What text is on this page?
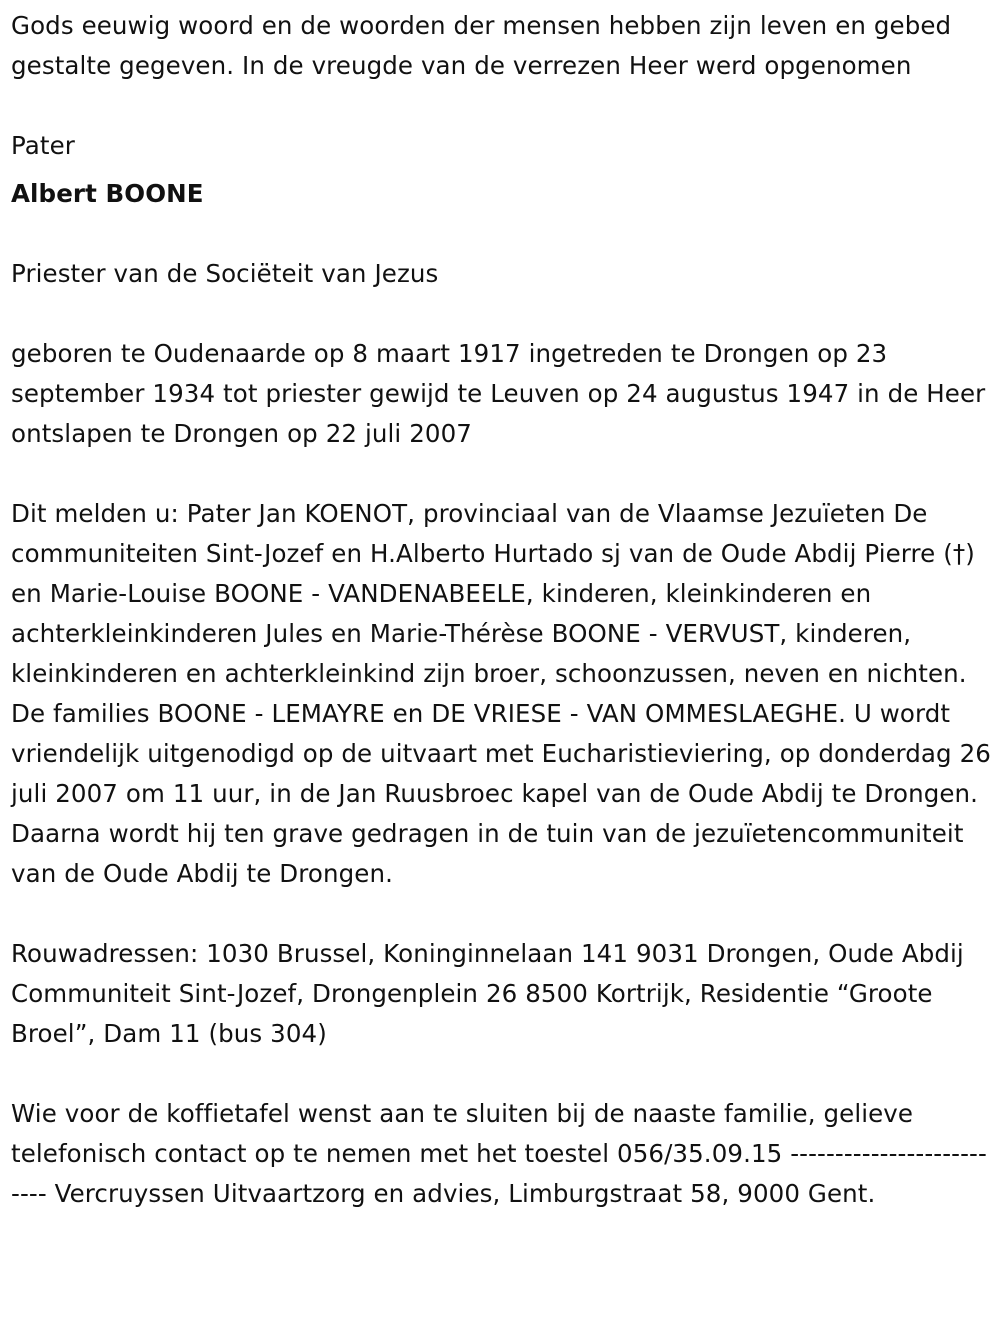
Gods eeuwig woord en de woorden der mensen hebben zijn leven en gebed gestalte gegeven. In de vreugde van de verrezen Heer werd opgenomen

Pater

Albert BOONE

Priester van de Sociëteit van Jezus

geboren te Oudenaarde op 8 maart 1917 ingetreden te Drongen op 23 september 1934 tot priester gewijd te Leuven op 24 augustus 1947 in de Heer ontslapen te Drongen op 22 juli 2007

Dit melden u: Pater Jan KOENOT, provinciaal van de Vlaamse Jezuïeten De communiteiten Sint-Jozef en H.Alberto Hurtado sj van de Oude Abdij Pierre (†) en Marie-Louise BOONE - VANDENABEELE, kinderen, kleinkinderen en achterkleinkinderen Jules en Marie-Thérèse BOONE - VERVUST, kinderen, kleinkinderen en achterkleinkind zijn broer, schoonzussen, neven en nichten. De families BOONE - LEMAYRE en DE VRIESE - VAN OMMESLAEGHE. U wordt vriendelijk uitgenodigd op de uitvaart met Eucharistieviering, op donderdag 26 juli 2007 om 11 uur, in de Jan Ruusbroec kapel van de Oude Abdij te Drongen. Daarna wordt hij ten grave gedragen in de tuin van de jezuïetencommuniteit van de Oude Abdij te Drongen.

Rouwadressen: 1030 Brussel, Koninginnelaan 141 9031 Drongen, Oude Abdij Communiteit Sint-Jozef, Drongenplein 26 8500 Kortrijk, Residentie “Groote Broel”, Dam 11 (bus 304)

Wie voor de koffietafel wenst aan te sluiten bij de naaste familie, gelieve telefonisch contact op te nemen met het toestel 056/35.09.15 -------------------------- Vercruyssen Uitvaartzorg en advies, Limburgstraat 58, 9000 Gent.
